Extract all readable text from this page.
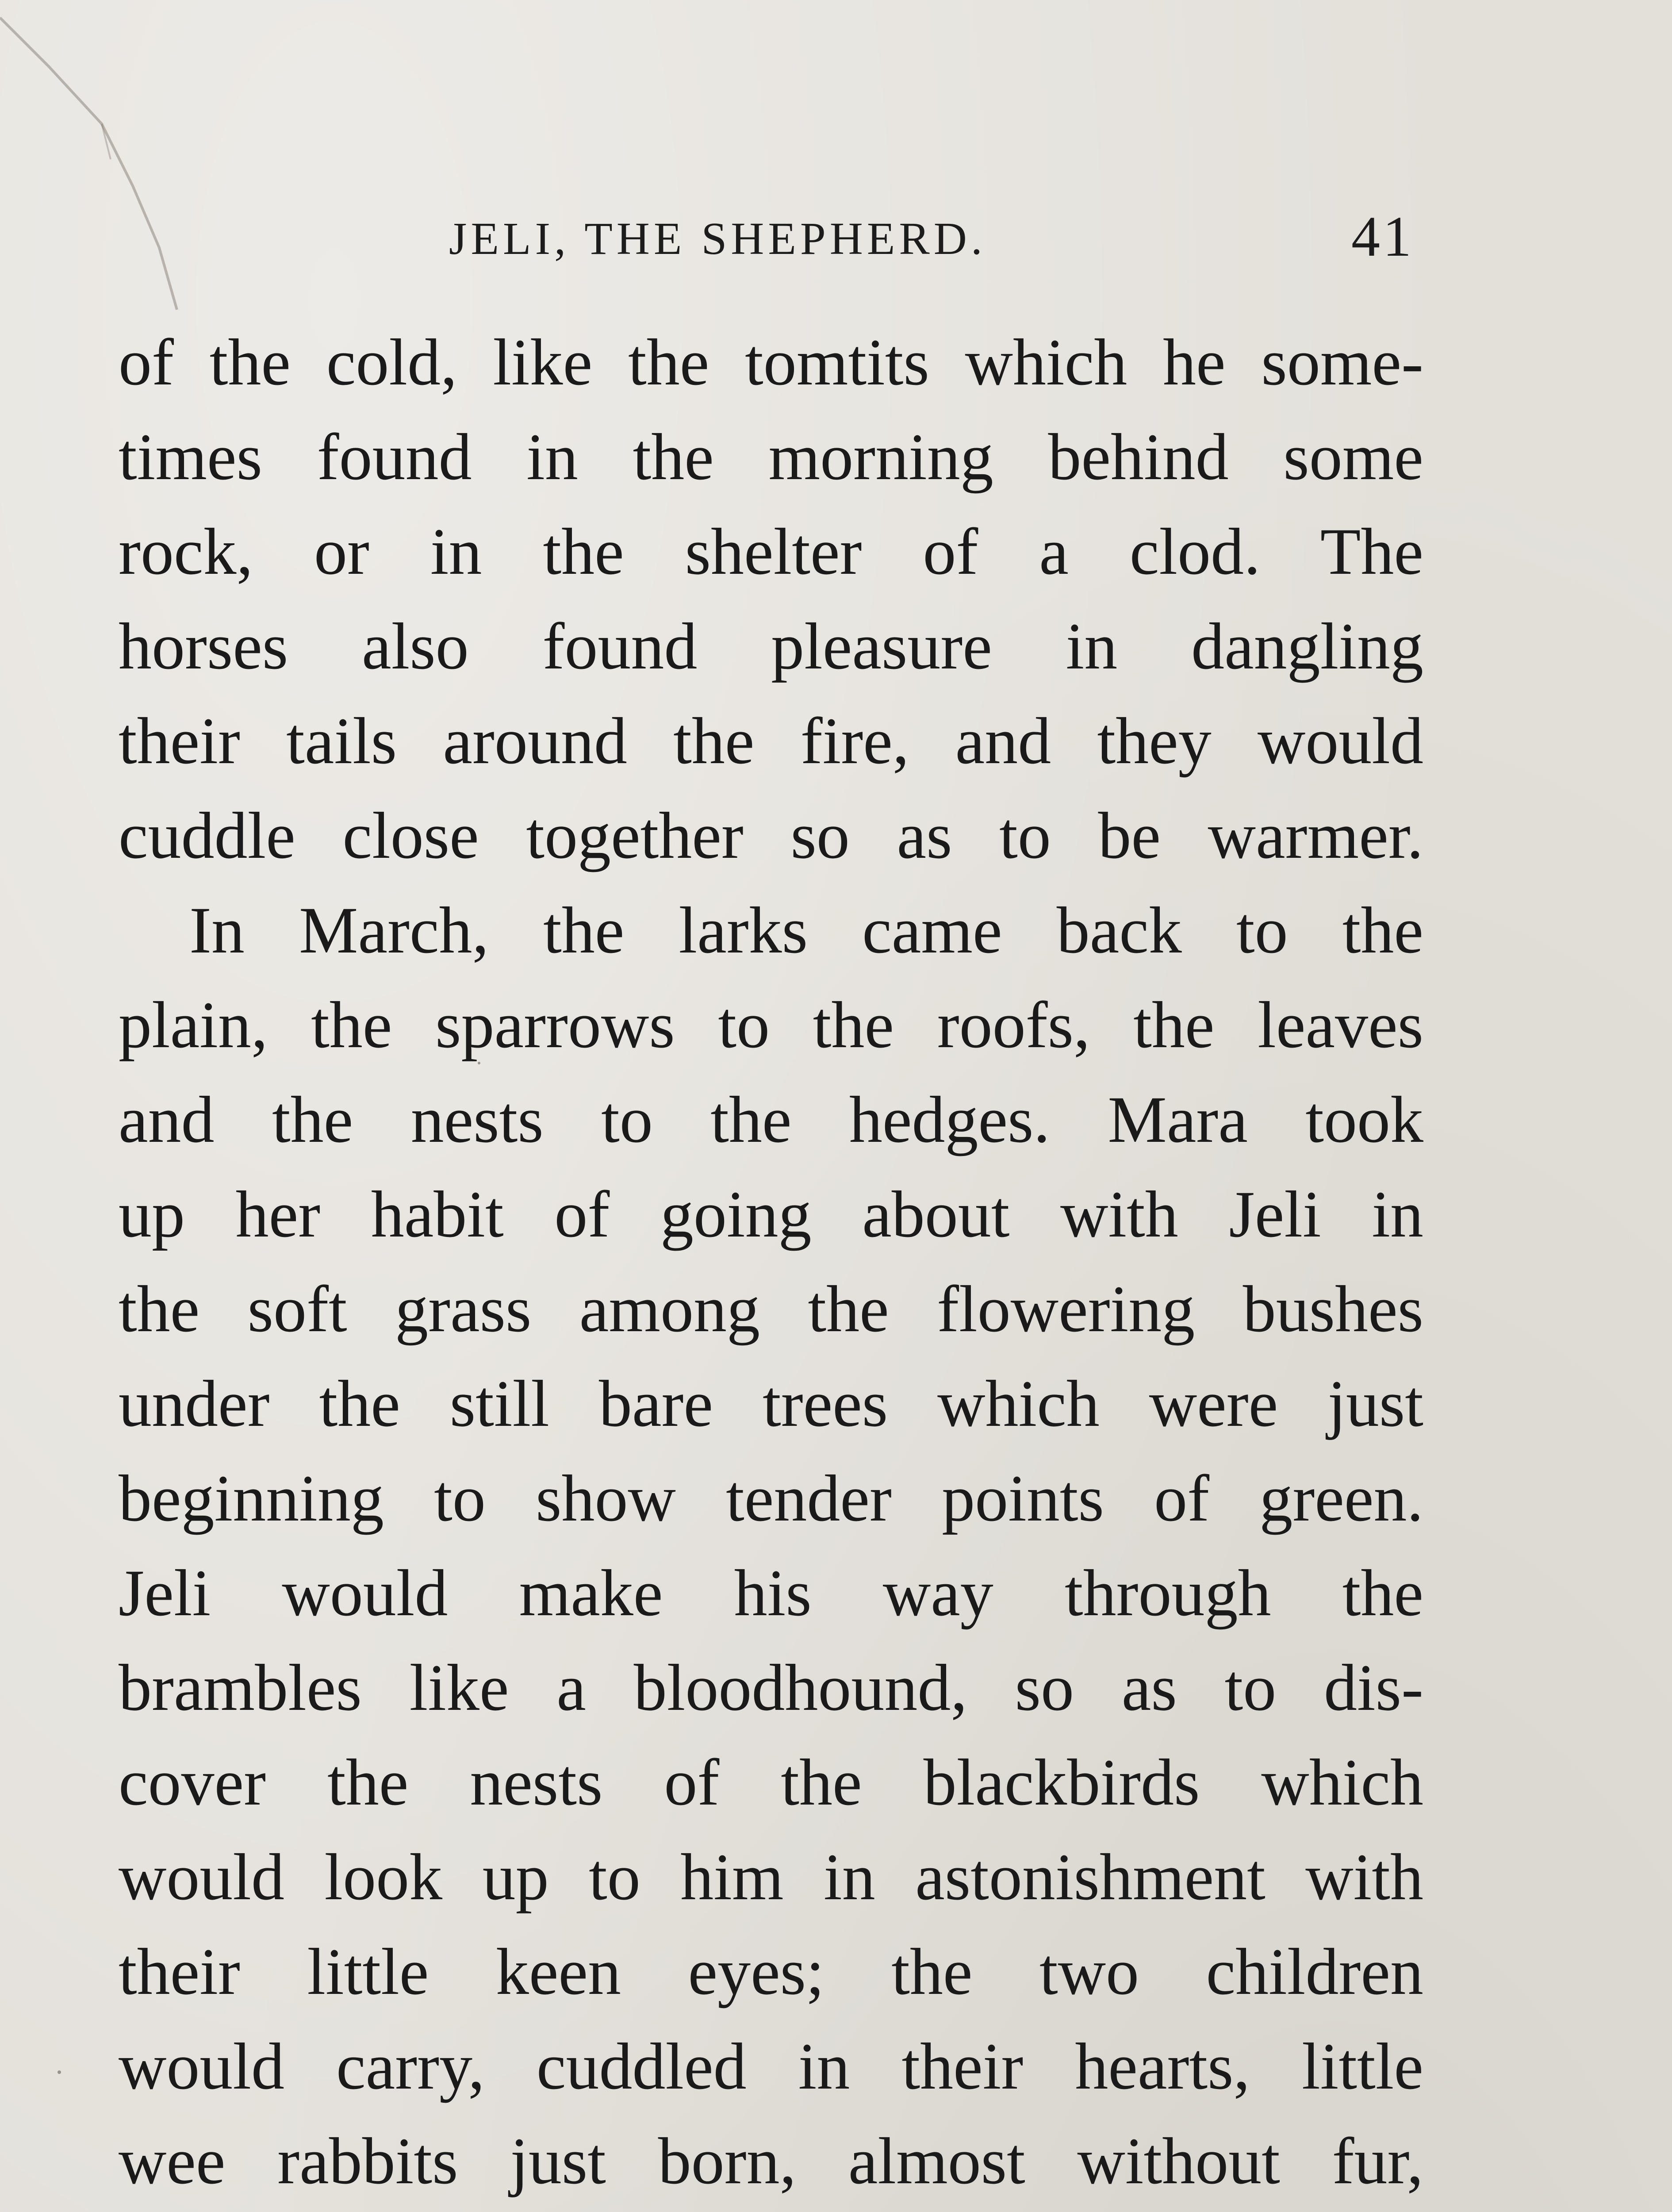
JELI, THE SHEPHERD.	41
of the cold, like the tomtits which he some-
times found in the morning behind some
rock, or in the shelter of a clod. The
horses also found pleasure in dangling
their tails around the fire, and they would
cuddle close together so as to be warmer.
In March, the larks came back to the
plain, the sparrows to the roofs, the leaves
and the nests to the hedges. Mara took
up her habit of going about with Jeli in
the soft grass among the flowering bushes
under the still bare trees which were just
beginning to show tender points of green.
Jeli would make his way through the
brambles like a bloodhound, so as to dis-
cover the nests of the blackbirds which
would look up to him in astonishment with
their little keen eyes; the two children
would carry, cuddled in their hearts, little
wee rabbits just born, almost without fur,
